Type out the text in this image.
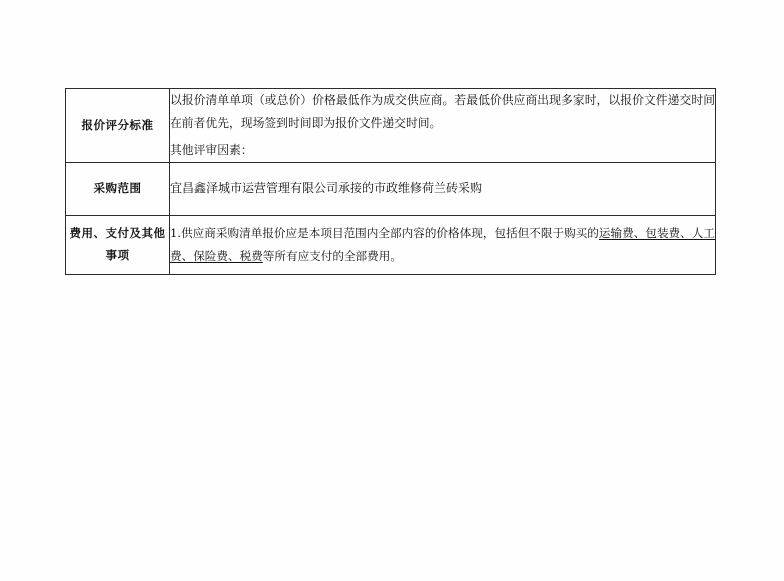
报价评分标准	以报价清单单项（或总价）价格最低作为成交供应商。若最低价供应商出现多家时，以报价文件递交时间在前者优先，现场签到时间即为报价文件递交时间。

其他评审因素：

采购范围	宜昌鑫泽城市运营管理有限公司承接的市政维修荷兰砖采购

费用、支付及其他
事项	1.供应商采购清单报价应是本项目范围内全部内容的价格体现，包括但不限于购买的运输费、包装费、人工费、保险费、税费等所有应支付的全部费用。
